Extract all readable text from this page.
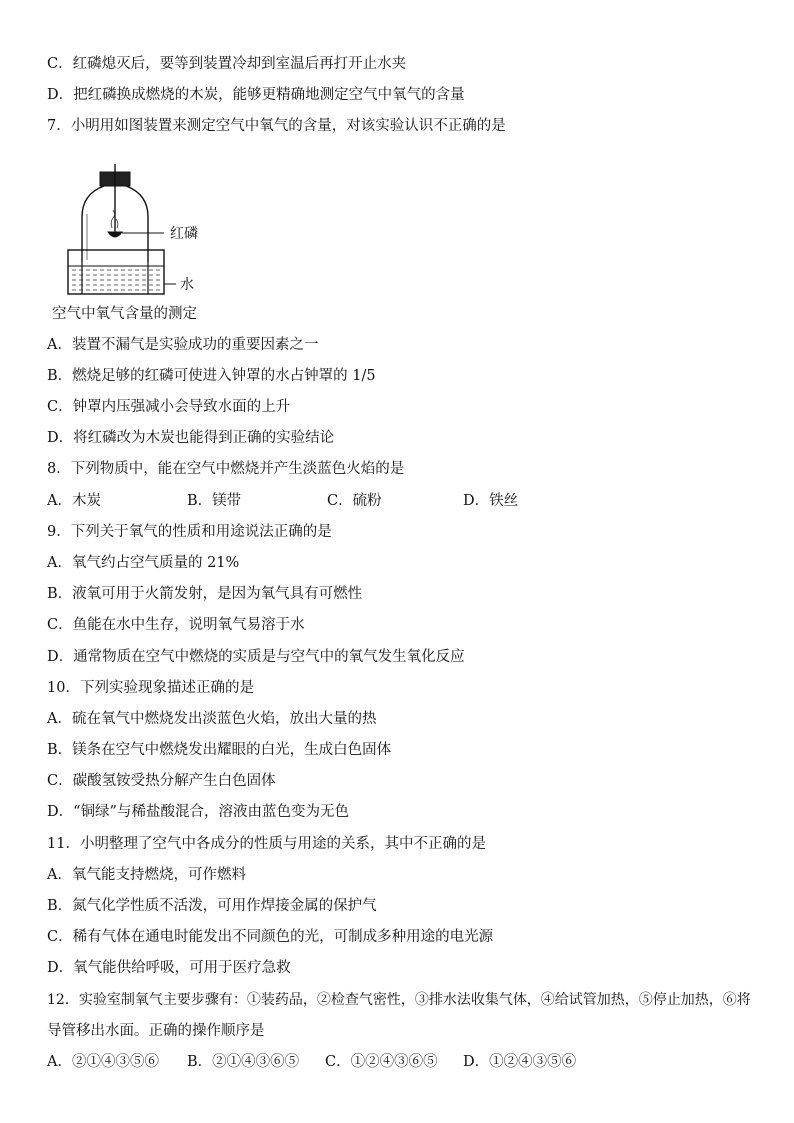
C．红磷熄灭后，要等到装置冷却到室温后再打开止水夹
D．把红磷换成燃烧的木炭，能够更精确地测定空气中氧气的含量
7．小明用如图装置来测定空气中氧气的含量，对该实验认识不正确的是
红磷
水
空气中氧气含量的测定
A．装置不漏气是实验成功的重要因素之一
B．燃烧足够的红磷可使进入钟罩的水占钟罩的 1/5
C．钟罩内压强减小会导致水面的上升
D．将红磷改为木炭也能得到正确的实验结论
8．下列物质中，能在空气中燃烧并产生淡蓝色火焰的是
A．木炭	B．镁带	C．硫粉	D．铁丝
9．下列关于氧气的性质和用途说法正确的是
A．氧气约占空气质量的 21%
B．液氧可用于火箭发射，是因为氧气具有可燃性
C．鱼能在水中生存，说明氧气易溶于水
D．通常物质在空气中燃烧的实质是与空气中的氧气发生氧化反应
10．下列实验现象描述正确的是
A．硫在氧气中燃烧发出淡蓝色火焰，放出大量的热
B．镁条在空气中燃烧发出耀眼的白光，生成白色固体
C．碳酸氢铵受热分解产生白色固体
D．“铜绿”与稀盐酸混合，溶液由蓝色变为无色
11．小明整理了空气中各成分的性质与用途的关系，其中不正确的是
A．氧气能支持燃烧，可作燃料
B．氮气化学性质不活泼，可用作焊接金属的保护气
C．稀有气体在通电时能发出不同颜色的光，可制成多种用途的电光源
D．氧气能供给呼吸，可用于医疗急救
12．实验室制氧气主要步骤有：①装药品，②检查气密性，③排水法收集气体，④给试管加热，⑤停止加热，⑥将
导管移出水面。正确的操作顺序是
A．②①④③⑤⑥ B．②①④③⑥⑤ C．①②④③⑥⑤ D．①②④③⑤⑥
